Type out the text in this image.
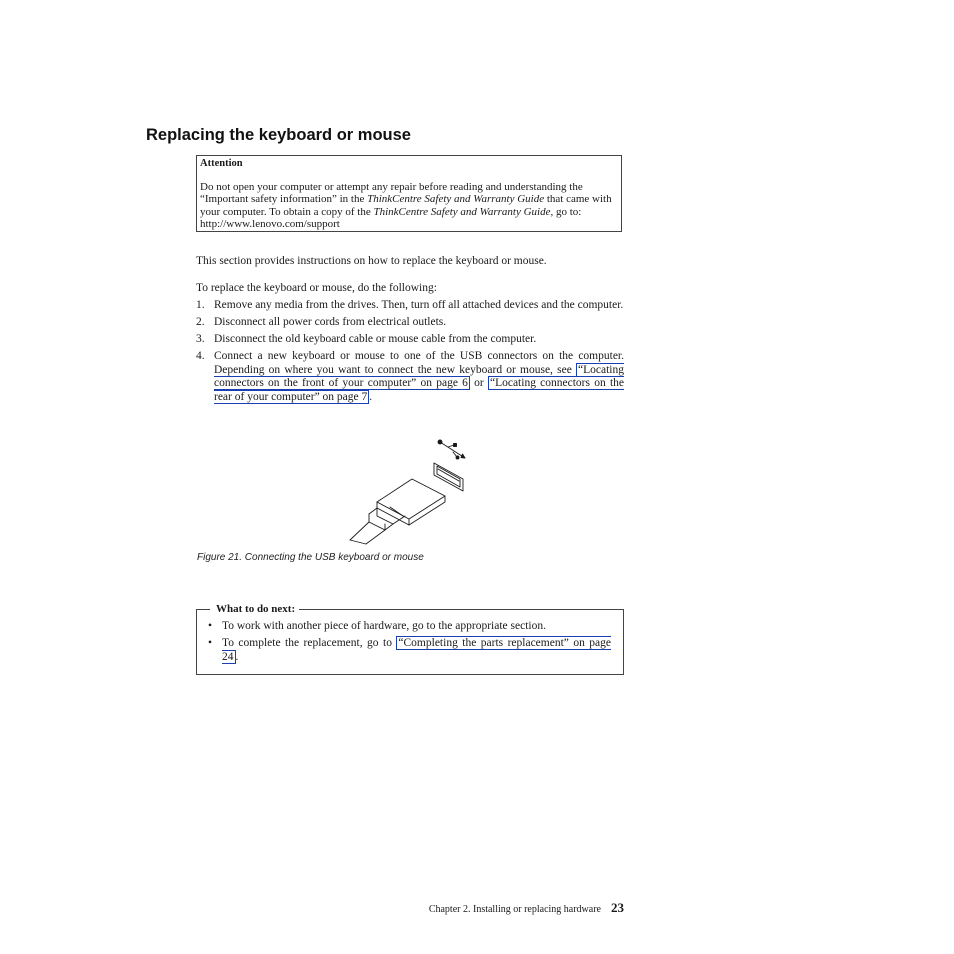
Replacing the keyboard or mouse
Attention
Do not open your computer or attempt any repair before reading and understanding the “Important safety information” in the ThinkCentre Safety and Warranty Guide that came with your computer. To obtain a copy of the ThinkCentre Safety and Warranty Guide, go to: http://www.lenovo.com/support

This section provides instructions on how to replace the keyboard or mouse.

To replace the keyboard or mouse, do the following:

1. Remove any media from the drives. Then, turn off all attached devices and the computer.
2. Disconnect all power cords from electrical outlets.
3. Disconnect the old keyboard cable or mouse cable from the computer.
4. Connect a new keyboard or mouse to one of the USB connectors on the computer. Depending on where you want to connect the new keyboard or mouse, see “Locating connectors on the front of your computer” on page 6 or “Locating connectors on the rear of your computer” on page 7 .

Figure 21. Connecting the USB keyboard or mouse

What to do next:
• To work with another piece of hardware, go to the appropriate section.
• To complete the replacement, go to “Completing the parts replacement” on page 24 .
Chapter 2. Installing or replacing hardware 23
